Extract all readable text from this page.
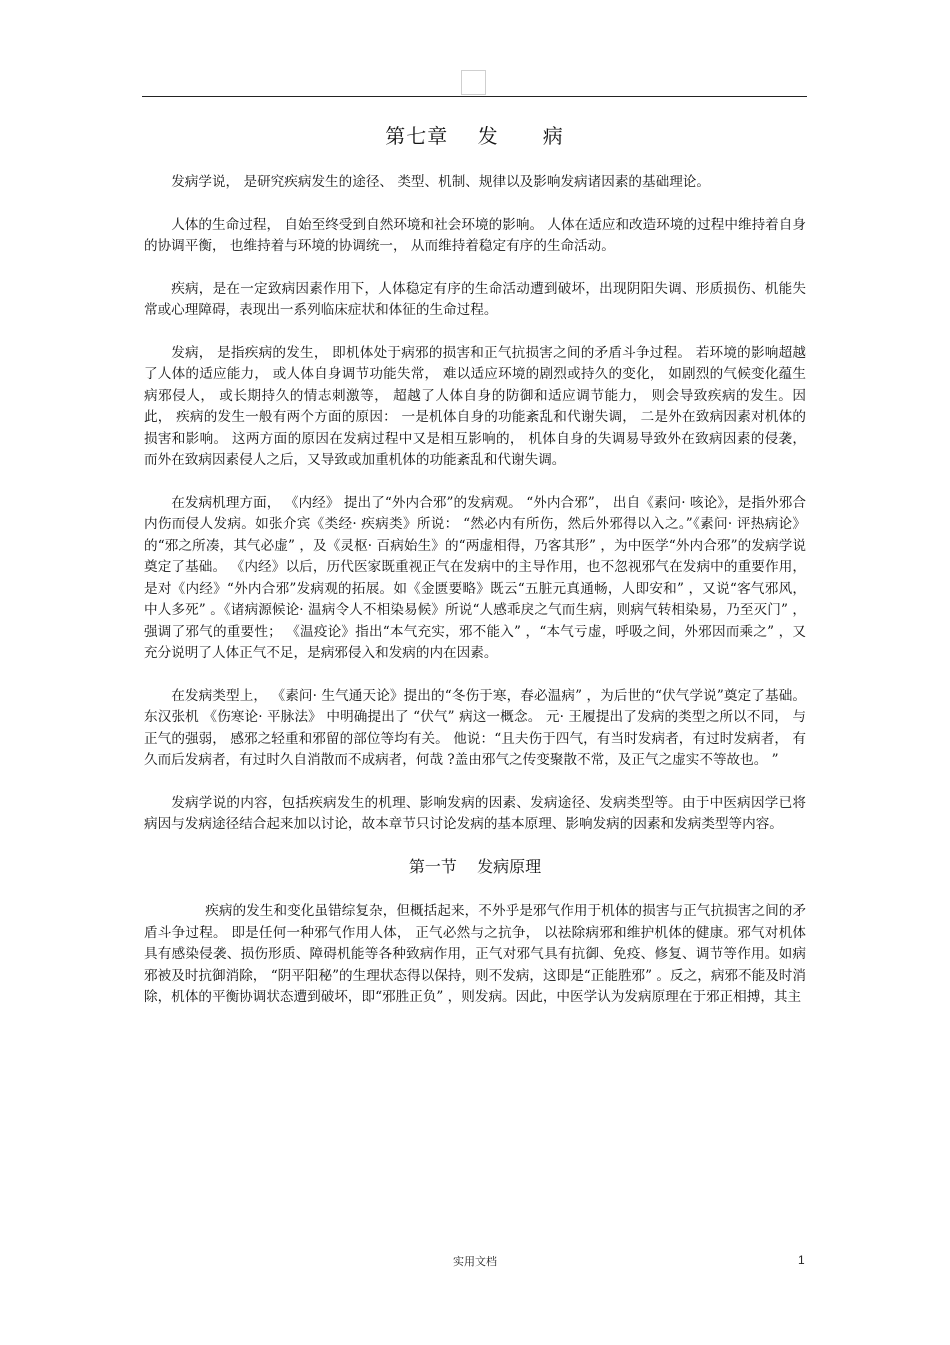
第七章    发      病

发病学说， 是研究疾病发生的途径、 类型、机制、规律以及影响发病诸因素的基础理论。

人体的生命过程， 自始至终受到自然环境和社会环境的影响。 人体在适应和改造环境的过程中维持着自身的协调平衡， 也维持着与环境的协调统一， 从而维持着稳定有序的生命活动。

疾病，是在一定致病因素作用下，人体稳定有序的生命活动遭到破坏，出现阴阳失调、形质损伤、机能失常或心理障碍，表现出一系列临床症状和体征的生命过程。

发病， 是指疾病的发生， 即机体处于病邪的损害和正气抗损害之间的矛盾斗争过程。 若环境的影响超越了人体的适应能力， 或人体自身调节功能失常， 难以适应环境的剧烈或持久的变化， 如剧烈的气候变化蕴生病邪侵人， 或长期持久的情志刺激等， 超越了人体自身的防御和适应调节能力， 则会导致疾病的发生。因此， 疾病的发生一般有两个方面的原因： 一是机体自身的功能紊乱和代谢失调， 二是外在致病因素对机体的损害和影响。 这两方面的原因在发病过程中又是相互影响的， 机体自身的失调易导致外在致病因素的侵袭， 而外在致病因素侵人之后，又导致或加重机体的功能紊乱和代谢失调。

在发病机理方面， 《内经》 提出了“外内合邪”的发病观。 “外内合邪”， 出自《素问· 咳论》，是指外邪合内伤而侵人发病。如张介宾《类经· 疾病类》所说： “然必内有所伤，然后外邪得以入之。”《素问· 评热病论》的“邪之所凑，其气必虚” ，及《灵枢· 百病始生》的“两虚相得，乃客其形” ，为中医学“外内合邪”的发病学说奠定了基础。 《内经》以后，历代医家既重视正气在发病中的主导作用，也不忽视邪气在发病中的重要作用，是对《内经》“外内合邪”发病观的拓展。如《金匮要略》既云“五脏元真通畅，人即安和” ，又说“客气邪风，中人多死” 。《诸病源候论· 温病令人不相染易候》所说“人感乖戾之气而生病，则病气转相染易，乃至灭门” ，强调了邪气的重要性； 《温疫论》指出“本气充实，邪不能入” ，“本气亏虚，呼吸之间，外邪因而乘之” ，又充分说明了人体正气不足，是病邪侵入和发病的内在因素。

在发病类型上， 《素问· 生气通天论》提出的“冬伤于寒，春必温病” ，为后世的“伏气学说”奠定了基础。 东汉张机 《伤寒论· 平脉法》 中明确提出了 “伏气” 病这一概念。 元· 王履提出了发病的类型之所以不同， 与正气的强弱， 感邪之轻重和邪留的部位等均有关。 他说：“且夫伤于四气，有当时发病者，有过时发病者， 有久而后发病者，有过时久自消散而不成病者，何哉 ?盖由邪气之传变聚散不常，及正气之虚实不等故也。 ”

发病学说的内容，包括疾病发生的机理、影响发病的因素、发病途径、发病类型等。由于中医病因学已将病因与发病途径结合起来加以讨论，故本章节只讨论发病的基本原理、影响发病的因素和发病类型等内容。

第一节    发病原理

疾病的发生和变化虽错综复杂，但概括起来，不外乎是邪气作用于机体的损害与正气抗损害之间的矛盾斗争过程。 即是任何一种邪气作用人体， 正气必然与之抗争， 以祛除病邪和维护机体的健康。邪气对机体具有感染侵袭、损伤形质、障碍机能等各种致病作用，正气对邪气具有抗御、免疫、修复、调节等作用。如病邪被及时抗御消除， “阴平阳秘”的生理状态得以保持，则不发病，这即是“正能胜邪” 。反之，病邪不能及时消除，机体的平衡协调状态遭到破坏，即“邪胜正负” ，则发病。因此，中医学认为发病原理在于邪正相搏，其主

实用文档	1
